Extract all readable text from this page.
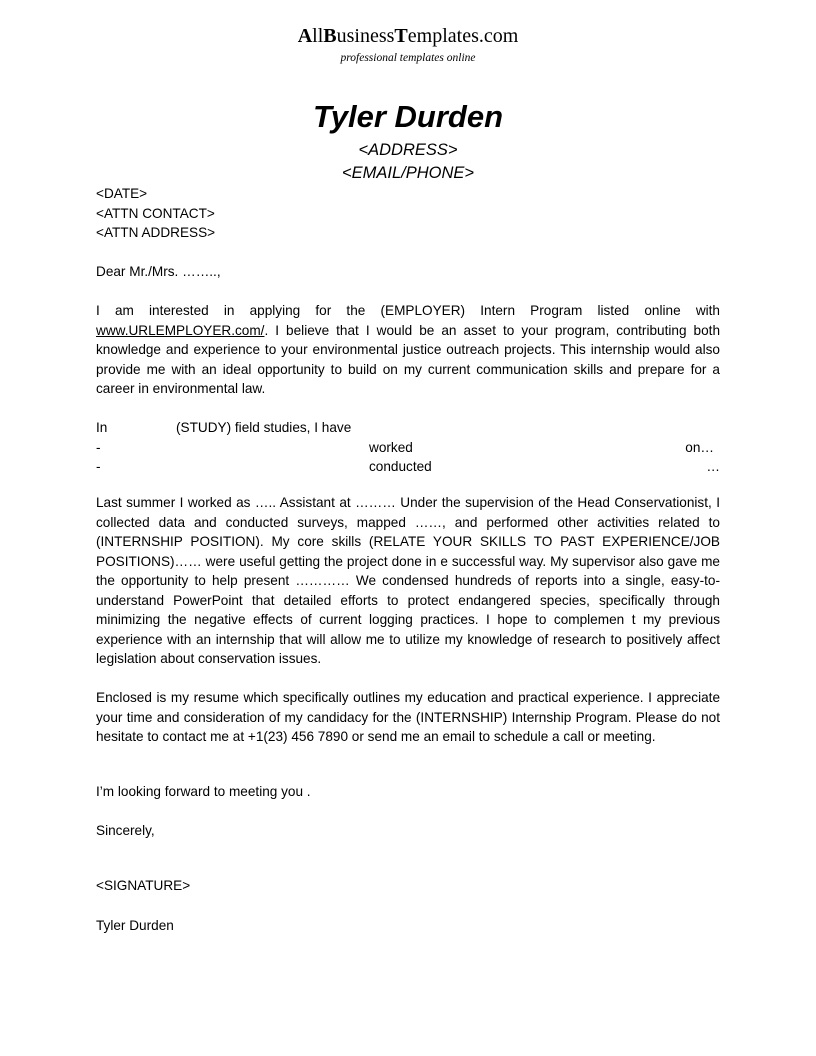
AllBusinessTemplates.com
professional templates online
Tyler Durden
<ADDRESS>
<EMAIL/PHONE>
<DATE>
<ATTN CONTACT>
<ATTN ADDRESS>
Dear Mr./Mrs. ……..,
I am interested in applying for the (EMPLOYER) Intern Program listed online with www.URLEMPLOYER.com/. I believe that I would be an asset to your program, contributing both knowledge and experience to your environmental justice outreach projects. This internship would also provide me with an ideal opportunity to build on my current communication skills and prepare for a career in environmental law.
In	(STUDY) field studies, I have
-	worked	on…
-	conducted	…
Last summer I worked as ….. Assistant at ……… Under the supervision of the Head Conservationist, I collected data and conducted surveys, mapped ……, and performed other activities related to (INTERNSHIP POSITION). My core skills (RELATE YOUR SKILLS TO PAST EXPERIENCE/JOB POSITIONS)…… were useful getting the project done in e successful way. My supervisor also gave me the opportunity to help present ………… We condensed hundreds of reports into a single, easy-to-understand PowerPoint that detailed efforts to protect endangered species, specifically through minimizing the negative effects of current logging practices. I hope to complemen t my previous experience with an internship that will allow me to utilize my knowledge of research to positively affect legislation about conservation issues.
Enclosed is my resume which specifically outlines my education and practical experience. I appreciate your time and consideration of my candidacy for the (INTERNSHIP) Internship Program. Please do not hesitate to contact me at +1(23) 456 7890 or send me an email to schedule a call or meeting.
I’m looking forward to meeting you .
Sincerely,
<SIGNATURE>
Tyler Durden
